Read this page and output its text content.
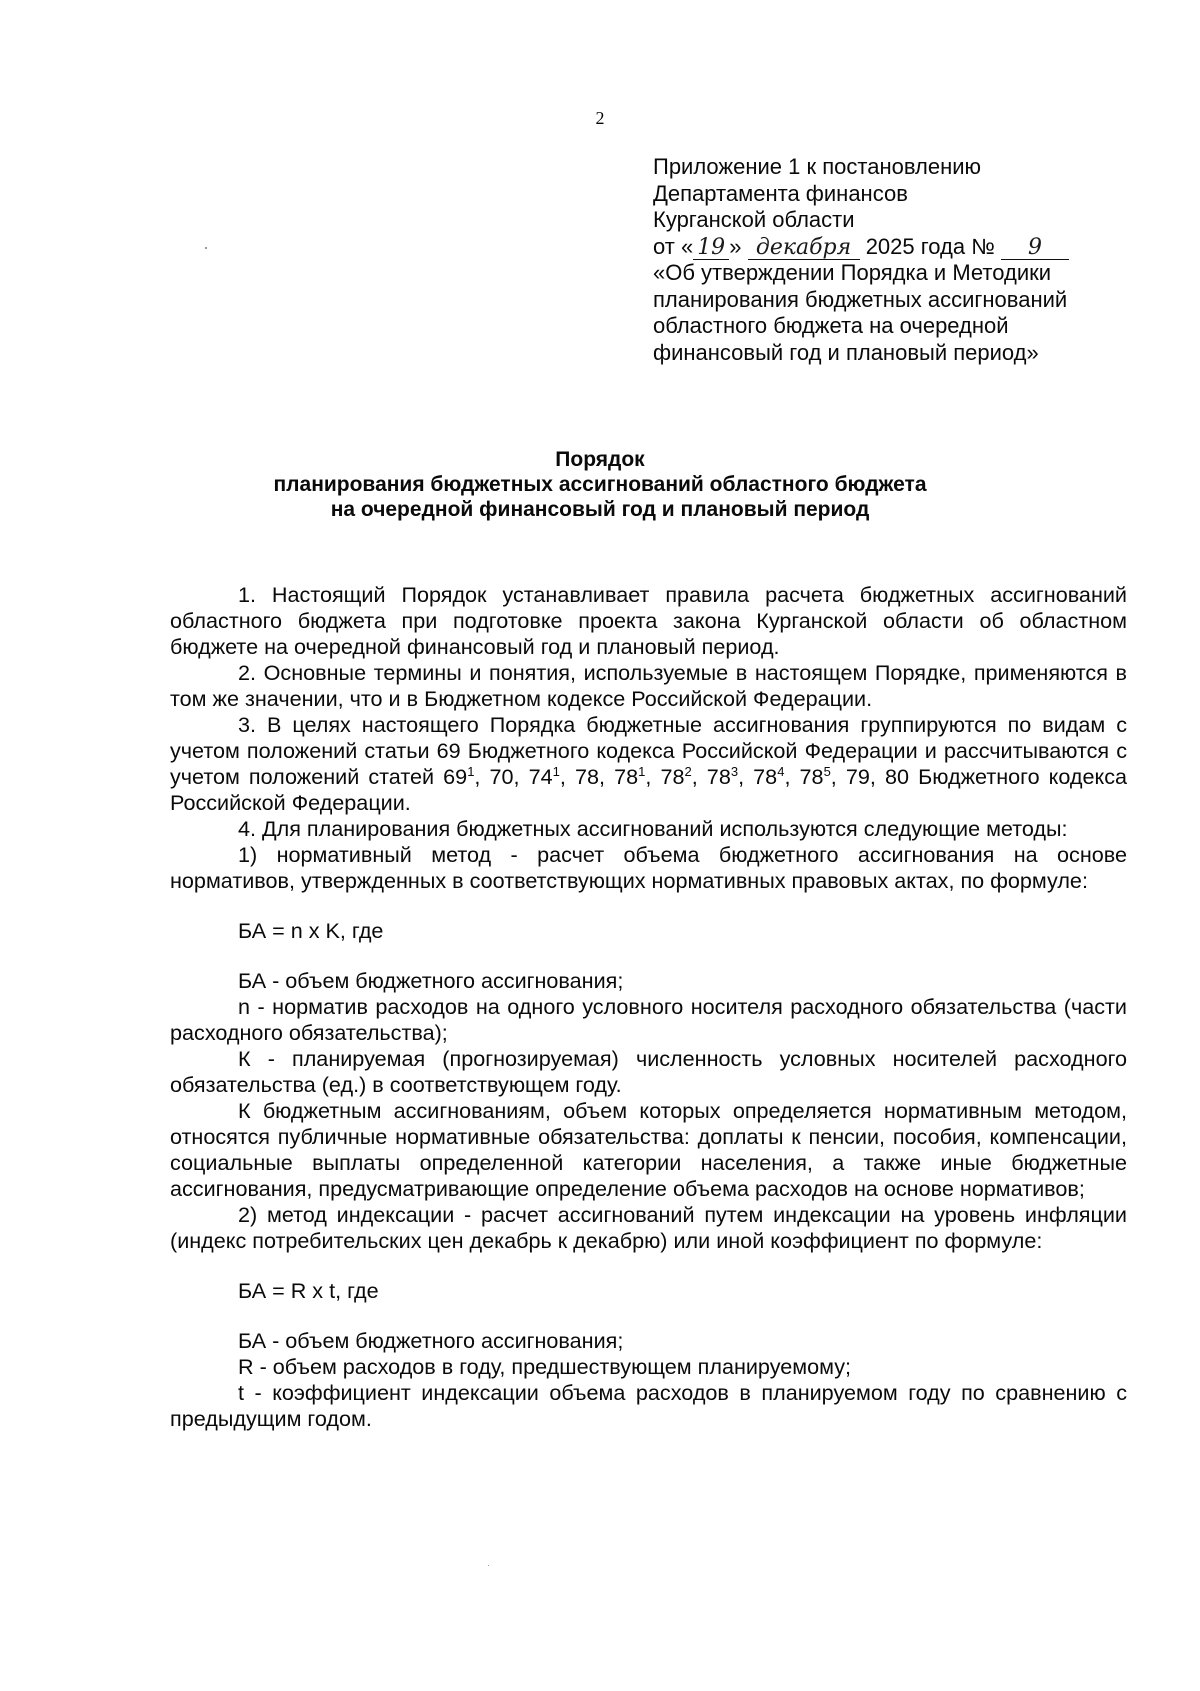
2
Приложение 1 к постановлению
Департамента финансов
Курганской области
от « 19 » декабря 2025 года № 9
«Об утверждении Порядка и Методики
планирования бюджетных ассигнований
областного бюджета на очередной
финансовый год и плановый период»
Порядок
планирования бюджетных ассигнований областного бюджета
на очередной финансовый год и плановый период

1. Настоящий Порядок устанавливает правила расчета бюджетных ассигнований областного бюджета при подготовке проекта закона Курганской области об областном бюджете на очередной финансовый год и плановый период.

2. Основные термины и понятия, используемые в настоящем Порядке, применяются в том же значении, что и в Бюджетном кодексе Российской Федерации.

3. В целях настоящего Порядка бюджетные ассигнования группируются по видам с учетом положений статьи 69 Бюджетного кодекса Российской Федерации и рассчитываются с учетом положений статей $69^1$, 70, $74^1$, 78, $78^1$, $78^2$, $78^3$, $78^4$, $78^5$, 79, 80 Бюджетного кодекса Российской Федерации.

4. Для планирования бюджетных ассигнований используются следующие методы:

1) нормативный метод - расчет объема бюджетного ассигнования на основе нормативов, утвержденных в соответствующих нормативных правовых актах, по формуле:

БА = n x K, где

БА - объем бюджетного ассигнования;

n - норматив расходов на одного условного носителя расходного обязательства (части расходного обязательства);

К - планируемая (прогнозируемая) численность условных носителей расходного обязательства (ед.) в соответствующем году.

К бюджетным ассигнованиям, объем которых определяется нормативным методом, относятся публичные нормативные обязательства: доплаты к пенсии, пособия, компенсации, социальные выплаты определенной категории населения, а также иные бюджетные ассигнования, предусматривающие определение объема расходов на основе нормативов;

2) метод индексации - расчет ассигнований путем индексации на уровень инфляции (индекс потребительских цен декабрь к декабрю) или иной коэффициент по формуле:

БА = R x t, где

БА - объем бюджетного ассигнования;

R - объем расходов в году, предшествующем планируемому;

t - коэффициент индексации объема расходов в планируемом году по сравнению с предыдущим годом.
